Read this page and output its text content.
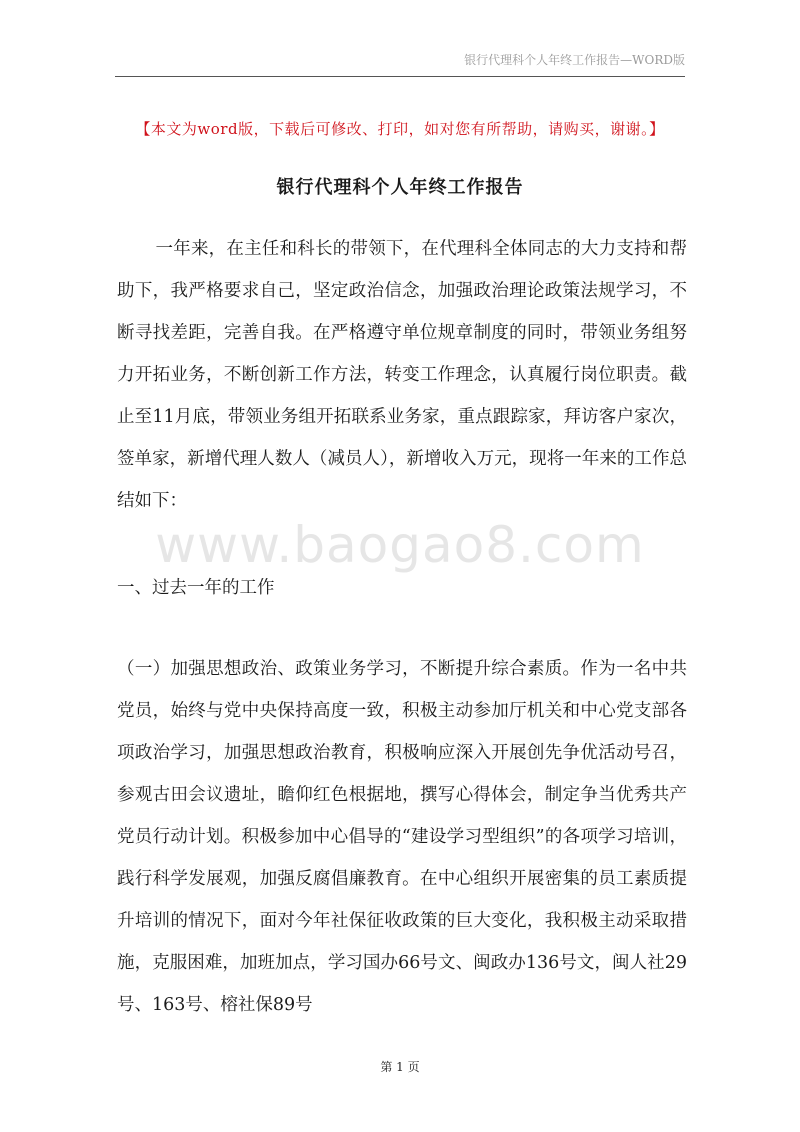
银行代理科个人年终工作报告—WORD版
【本文为word版，下载后可修改、打印，如对您有所帮助，请购买，谢谢。】
银行代理科个人年终工作报告

一年来，在主任和科长的带领下，在代理科全体同志的大力支持和帮助下，我严格要求自己，坚定政治信念，加强政治理论政策法规学习，不断寻找差距，完善自我。在严格遵守单位规章制度的同时，带领业务组努力开拓业务，不断创新工作方法，转变工作理念，认真履行岗位职责。截止至11月底，带领业务组开拓联系业务家，重点跟踪家，拜访客户家次，签单家，新增代理人数人（减员人），新增收入万元，现将一年来的工作总结如下：

www.baogao8.com

一、过去一年的工作

（一）加强思想政治、政策业务学习，不断提升综合素质。作为一名中共党员，始终与党中央保持高度一致，积极主动参加厅机关和中心党支部各项政治学习，加强思想政治教育，积极响应深入开展创先争优活动号召，参观古田会议遗址，瞻仰红色根据地，撰写心得体会，制定争当优秀共产党员行动计划。积极参加中心倡导的“建设学习型组织”的各项学习培训，践行科学发展观，加强反腐倡廉教育。在中心组织开展密集的员工素质提升培训的情况下，面对今年社保征收政策的巨大变化，我积极主动采取措施，克服困难，加班加点，学习国办66号文、闽政办136号文，闽人社29号、163号、榕社保89号

第 1 页
